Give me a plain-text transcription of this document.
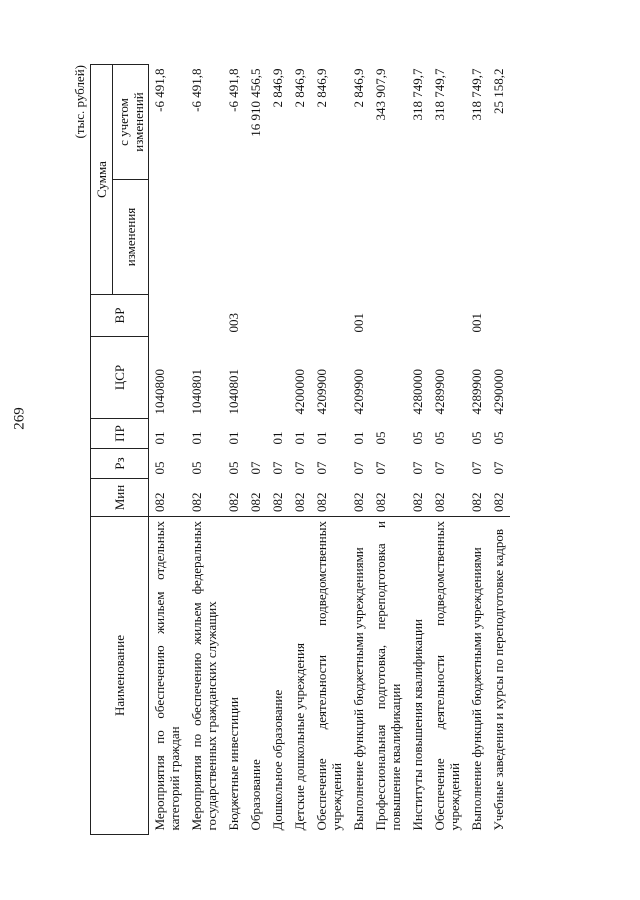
269
(тыс. рублей)
Наименование	Мин	Рз	ПР	ЦСР	ВР	Сумма	
						изменения	с учетом изменений
Мероприятия по обеспечению жильем отдельных категорий граждан	082	05	01	1040800			-6 491,8
Мероприятия по обеспечению жильем федеральных государственных гражданских служащих	082	05	01	1040801			-6 491,8
Бюджетные инвестиции	082	05	01	1040801	003		-6 491,8
Образование	082	07					16 910 456,5
Дошкольное образование	082	07	01				2 846,9
Детские дошкольные учреждения	082	07	01	4200000			2 846,9
Обеспечение деятельности подведомственных учреждений	082	07	01	4209900			2 846,9
Выполнение функций бюджетными учреждениями	082	07	01	4209900	001		2 846,9
Профессиональная подготовка, переподготовка и повышение квалификации	082	07	05				343 907,9
Институты повышения квалификации	082	07	05	4280000			318 749,7
Обеспечение деятельности подведомственных учреждений	082	07	05	4289900			318 749,7
Выполнение функций бюджетными учреждениями	082	07	05	4289900	001		318 749,7
Учебные заведения и курсы по переподготовке кадров	082	07	05	4290000			25 158,2
